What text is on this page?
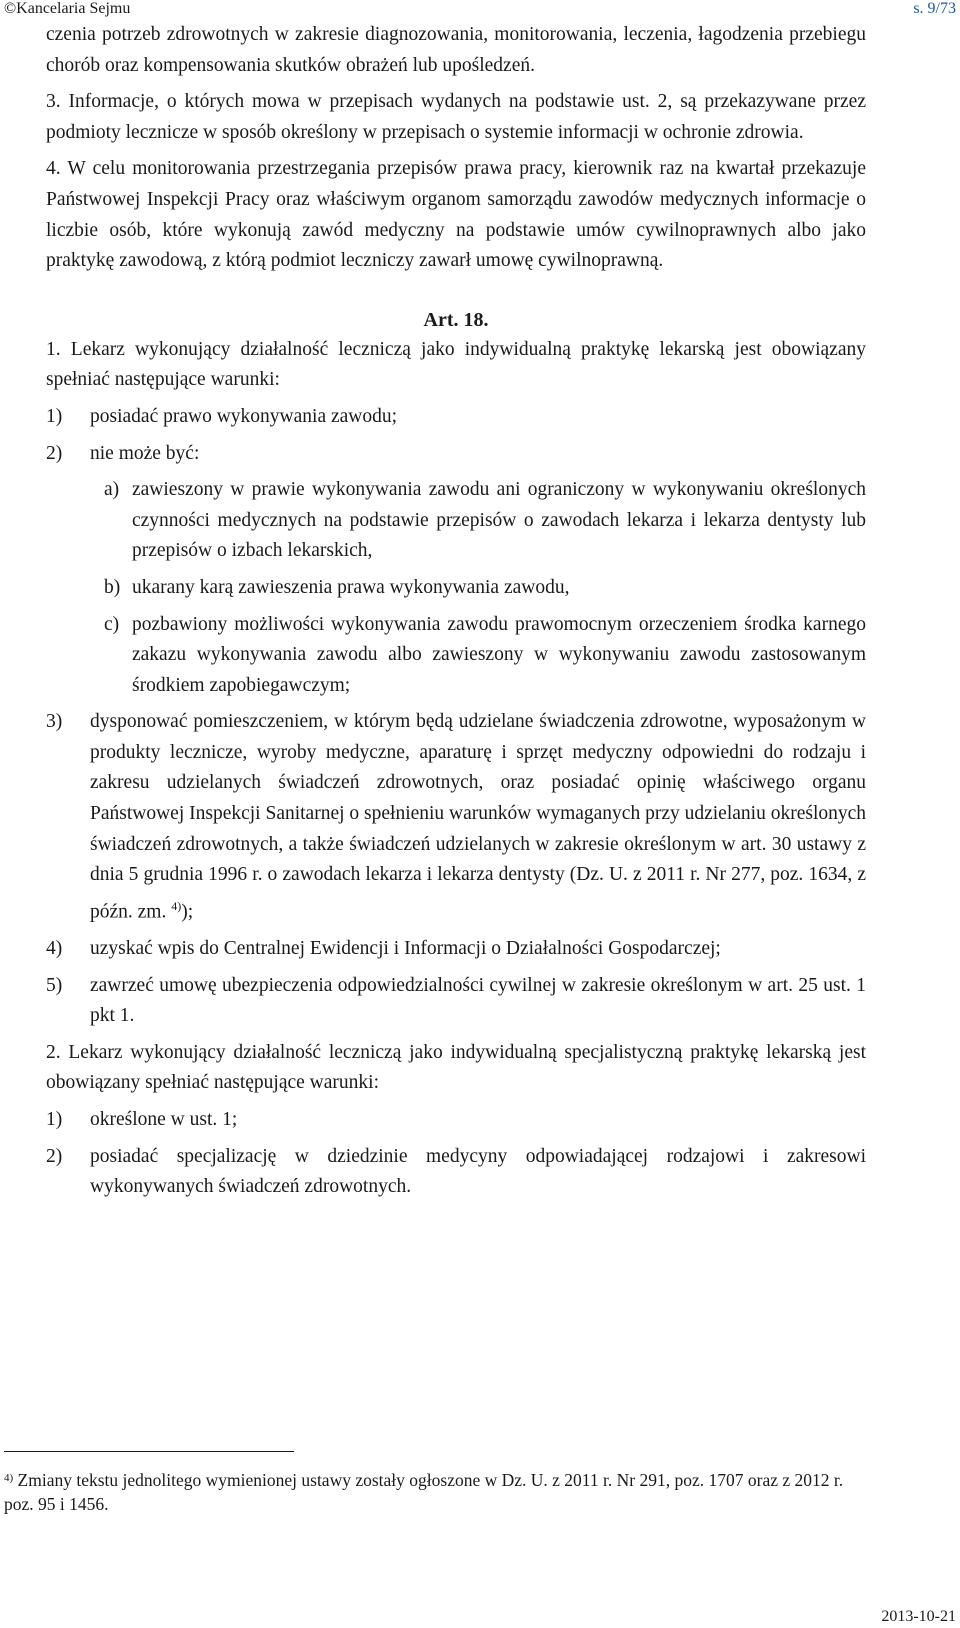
©Kancelaria Sejmu	s. 9/73

czenia potrzeb zdrowotnych w zakresie diagnozowania, monitorowania, leczenia, łagodzenia przebiegu chorób oraz kompensowania skutków obrażeń lub upośledzeń.

3. Informacje, o których mowa w przepisach wydanych na podstawie ust. 2, są przekazywane przez podmioty lecznicze w sposób określony w przepisach o systemie informacji w ochronie zdrowia.

4. W celu monitorowania przestrzegania przepisów prawa pracy, kierownik raz na kwartał przekazuje Państwowej Inspekcji Pracy oraz właściwym organom samorządu zawodów medycznych informacje o liczbie osób, które wykonują zawód medyczny na podstawie umów cywilnoprawnych albo jako praktykę zawodową, z którą podmiot leczniczy zawarł umowę cywilnoprawną.

Art. 18.

1. Lekarz wykonujący działalność leczniczą jako indywidualną praktykę lekarską jest obowiązany spełniać następujące warunki:

1)	posiadać prawo wykonywania zawodu;
2)	nie może być:
a) zawieszony w prawie wykonywania zawodu ani ograniczony w wykonywaniu określonych czynności medycznych na podstawie przepisów o zawodach lekarza i lekarza dentysty lub przepisów o izbach lekarskich,
b) ukarany karą zawieszenia prawa wykonywania zawodu,
c) pozbawiony możliwości wykonywania zawodu prawomocnym orzeczeniem środka karnego zakazu wykonywania zawodu albo zawieszony w wykonywaniu zawodu zastosowanym środkiem zapobiegawczym;
3)	dysponować pomieszczeniem, w którym będą udzielane świadczenia zdrowotne, wyposażonym w produkty lecznicze, wyroby medyczne, aparaturę i sprzęt medyczny odpowiedni do rodzaju i zakresu udzielanych świadczeń zdrowotnych, oraz posiadać opinię właściwego organu Państwowej Inspekcji Sanitarnej o spełnieniu warunków wymaganych przy udzielaniu określonych świadczeń zdrowotnych, a także świadczeń udzielanych w zakresie określonym w art. 30 ustawy z dnia 5 grudnia 1996 r. o zawodach lekarza i lekarza dentysty (Dz. U. z 2011 r. Nr 277, poz. 1634, z późn. zm. $^{4)}$);
4)	uzyskać wpis do Centralnej Ewidencji i Informacji o Działalności Gospodarczej;
5)	zawrzeć umowę ubezpieczenia odpowiedzialności cywilnej w zakresie określonym w art. 25 ust. 1 pkt 1.

2. Lekarz wykonujący działalność leczniczą jako indywidualną specjalistyczną praktykę lekarską jest obowiązany spełniać następujące warunki:

1)	określone w ust. 1;
2)	posiadać specjalizację w dziedzinie medycyny odpowiadającej rodzajowi i zakresowi wykonywanych świadczeń zdrowotnych.
$^{4)}$ Zmiany tekstu jednolitego wymienionej ustawy zostały ogłoszone w Dz. U. z 2011 r. Nr 291, poz. 1707 oraz z 2012 r. poz. 95 i 1456.
2013-10-21
